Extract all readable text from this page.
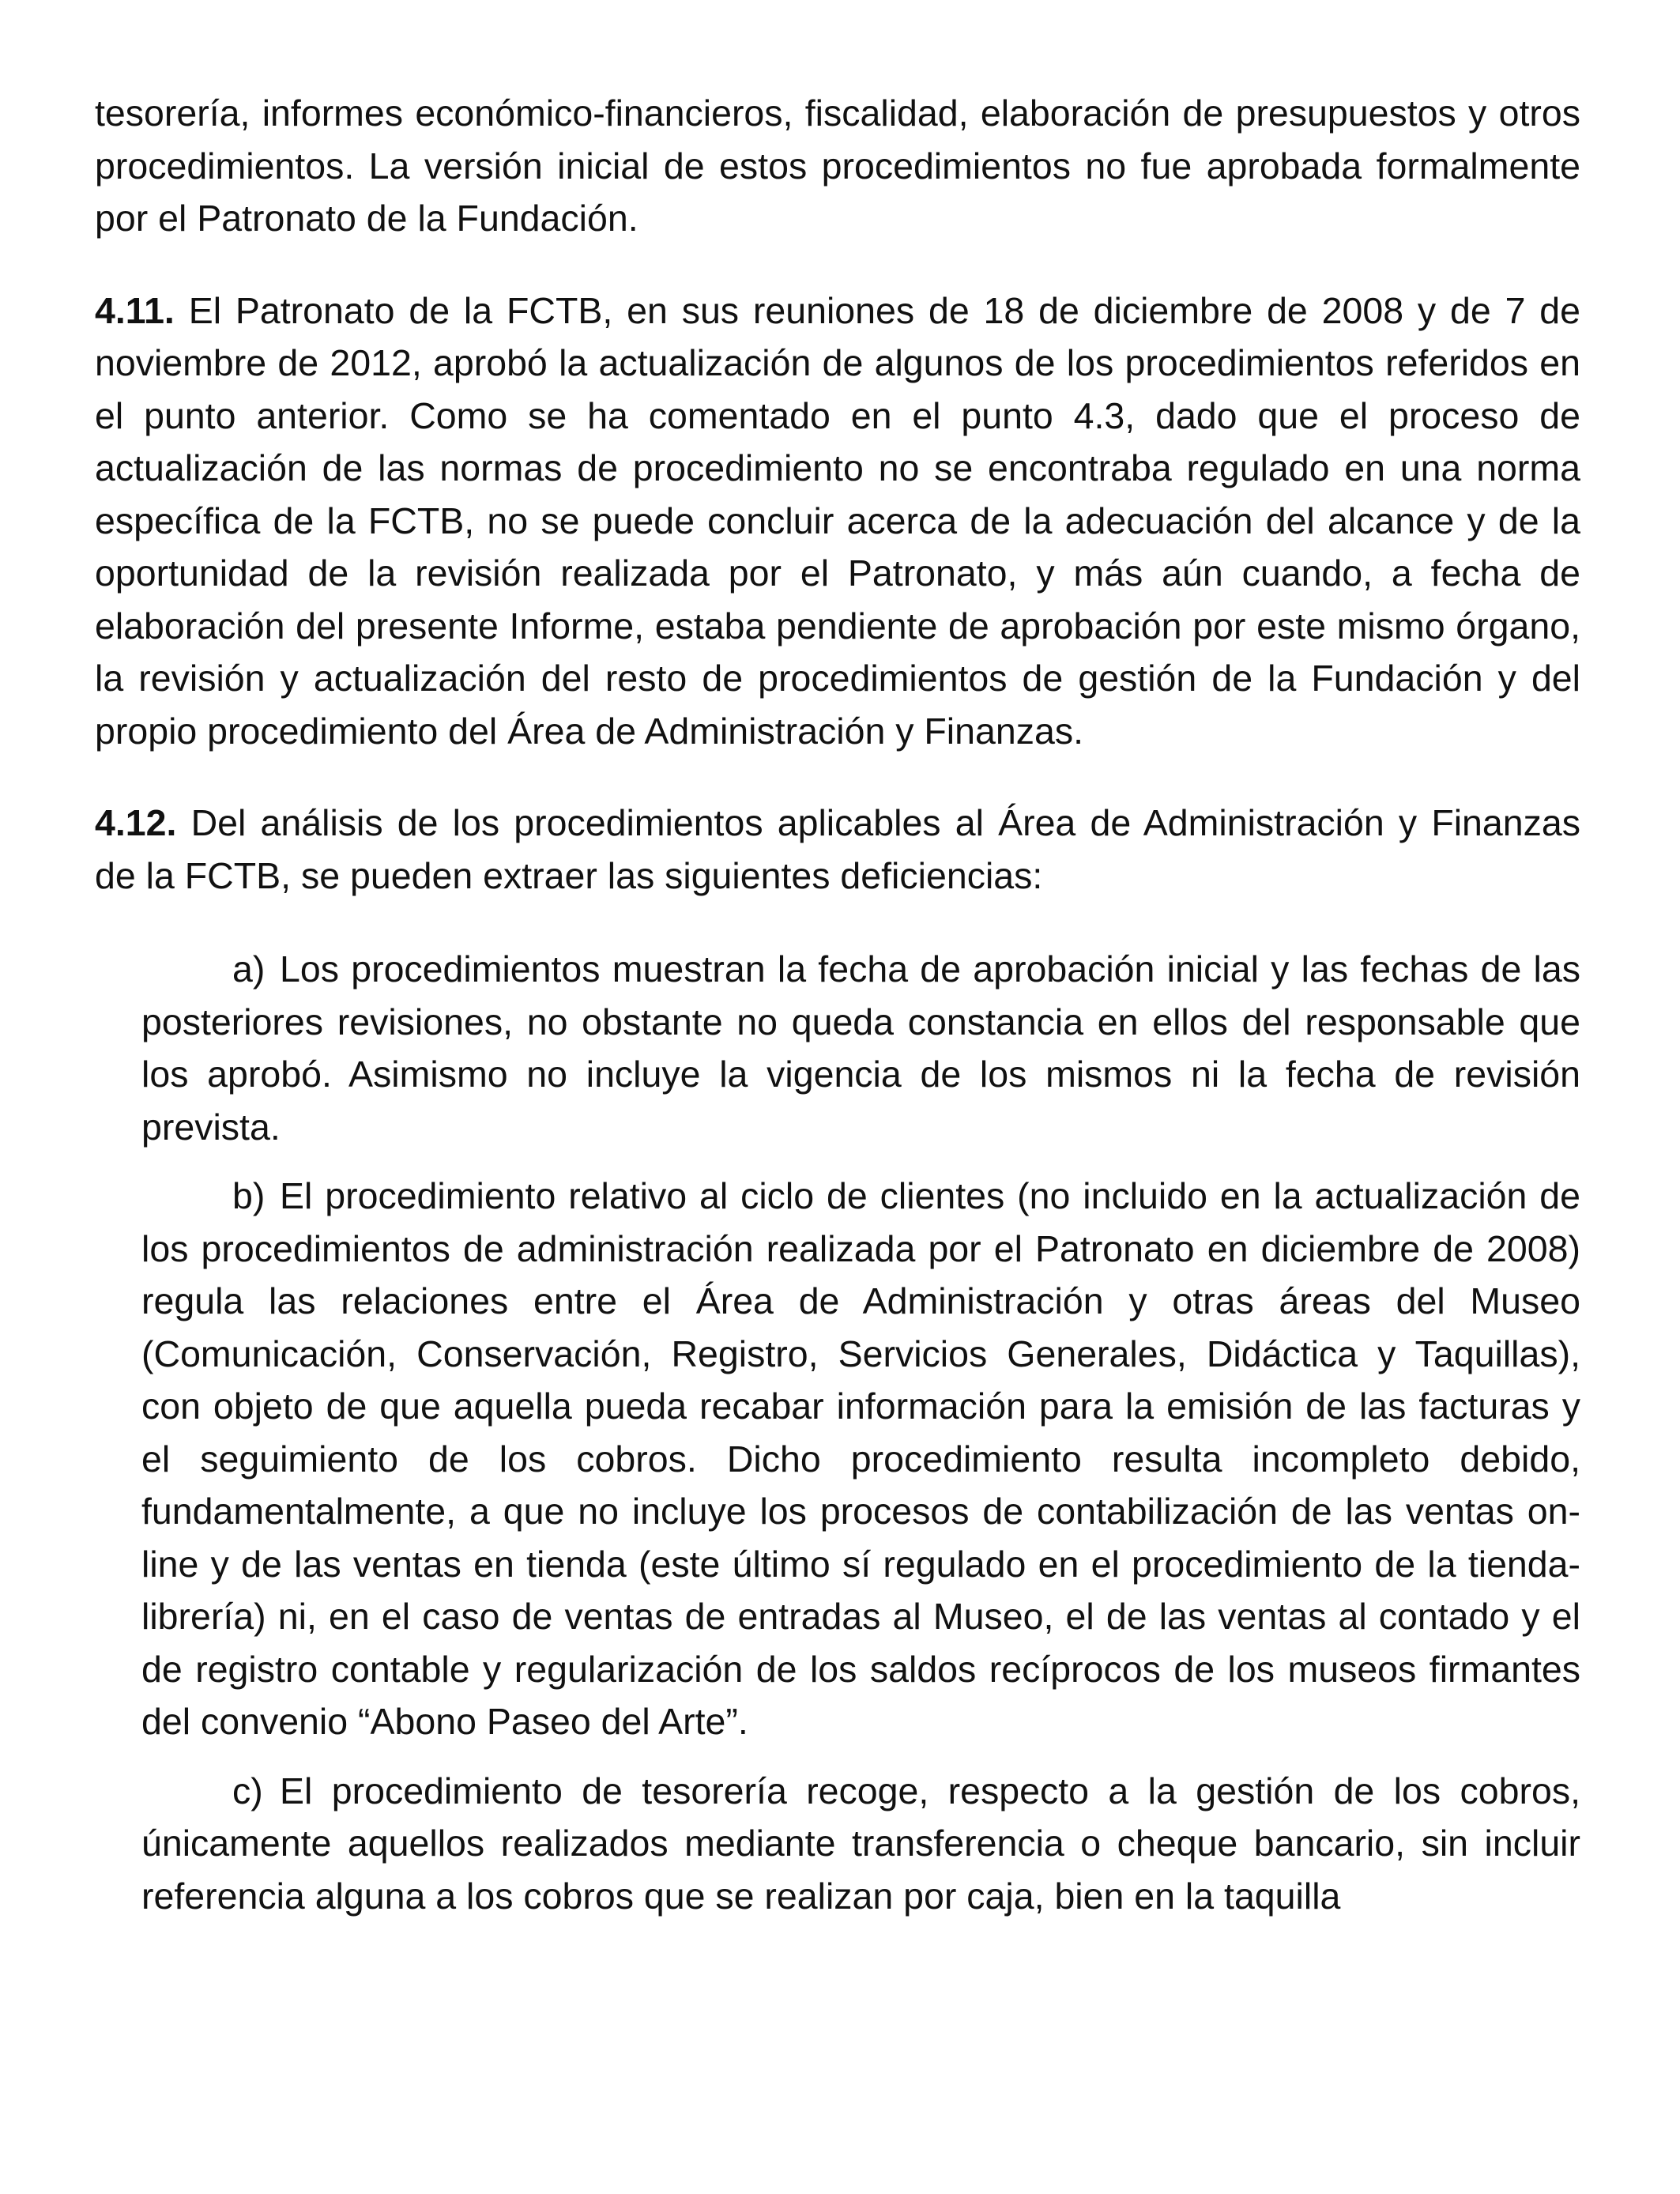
tesorería, informes económico-financieros, fiscalidad, elaboración de presupuestos y otros procedimientos. La versión inicial de estos procedimientos no fue aprobada formalmente por el Patronato de la Fundación.

4.11. El Patronato de la FCTB, en sus reuniones de 18 de diciembre de 2008 y de 7 de noviembre de 2012, aprobó la actualización de algunos de los procedimientos referidos en el punto anterior. Como se ha comentado en el punto 4.3, dado que el proceso de actualización de las normas de procedimiento no se encontraba regulado en una norma específica de la FCTB, no se puede concluir acerca de la adecuación del alcance y de la oportunidad de la revisión realizada por el Patronato, y más aún cuando, a fecha de elaboración del presente Informe, estaba pendiente de aprobación por este mismo órgano, la revisión y actualización del resto de procedimientos de gestión de la Fundación y del propio procedimiento del Área de Administración y Finanzas.

4.12. Del análisis de los procedimientos aplicables al Área de Administración y Finanzas de la FCTB, se pueden extraer las siguientes deficiencias:

a) Los procedimientos muestran la fecha de aprobación inicial y las fechas de las posteriores revisiones, no obstante no queda constancia en ellos del responsable que los aprobó. Asimismo no incluye la vigencia de los mismos ni la fecha de revisión prevista.

b) El procedimiento relativo al ciclo de clientes (no incluido en la actualización de los procedimientos de administración realizada por el Patronato en diciembre de 2008) regula las relaciones entre el Área de Administración y otras áreas del Museo (Comunicación, Conservación, Registro, Servicios Generales, Didáctica y Taquillas), con objeto de que aquella pueda recabar información para la emisión de las facturas y el seguimiento de los cobros. Dicho procedimiento resulta incompleto debido, fundamentalmente, a que no incluye los procesos de contabilización de las ventas on-line y de las ventas en tienda (este último sí regulado en el procedimiento de la tienda-librería) ni, en el caso de ventas de entradas al Museo, el de las ventas al contado y el de registro contable y regularización de los saldos recíprocos de los museos firmantes del convenio “Abono Paseo del Arte”.

c) El procedimiento de tesorería recoge, respecto a la gestión de los cobros, únicamente aquellos realizados mediante transferencia o cheque bancario, sin incluir referencia alguna a los cobros que se realizan por caja, bien en la taquilla
